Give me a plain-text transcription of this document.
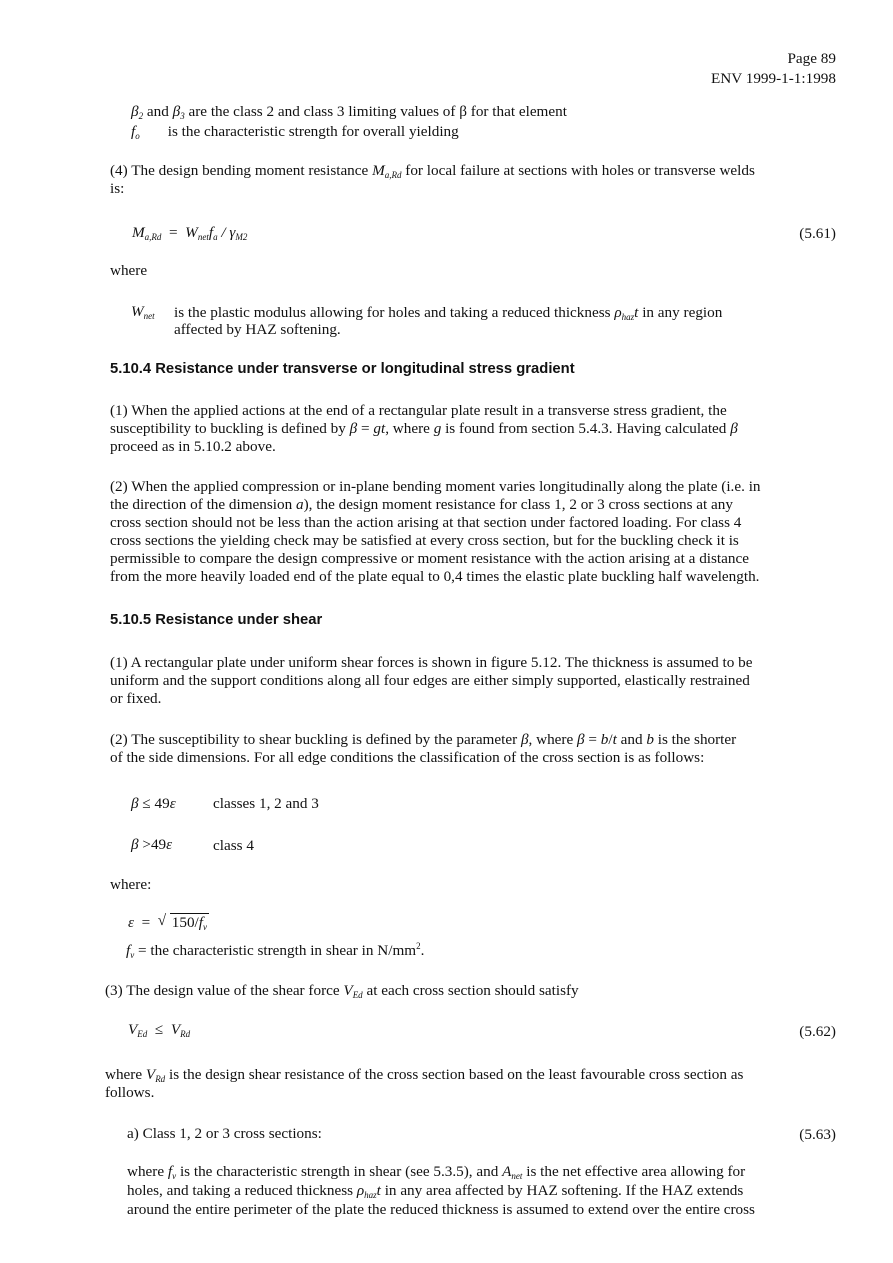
Page 89
ENV 1999-1-1:1998
$\beta_2$ and $\beta_3$ are the class 2 and class 3 limiting values of β for that element
$f_o$ is the characteristic strength for overall yielding
(4) The design bending moment resistance $M_{a,Rd}$ for local failure at sections with holes or transverse welds
is:
$M_{a,Rd} = W_{net}f_a / \gamma_{M2}$	(5.61)
where
$W_{net}$ is the plastic modulus allowing for holes and taking a reduced thickness $\rho_{haz}t$ in any region
affected by HAZ softening.
5.10.4 Resistance under transverse or longitudinal stress gradient
(1) When the applied actions at the end of a rectangular plate result in a transverse stress gradient, the
susceptibility to buckling is defined by β = gt, where g is found from section 5.4.3. Having calculated β
proceed as in 5.10.2 above.
(2) When the applied compression or in-plane bending moment varies longitudinally along the plate (i.e. in
the direction of the dimension a), the design moment resistance for class 1, 2 or 3 cross sections at any
cross section should not be less than the action arising at that section under factored loading. For class 4
cross sections the yielding check may be satisfied at every cross section, but for the buckling check it is
permissible to compare the design compressive or moment resistance with the action arising at a distance
from the more heavily loaded end of the plate equal to 0,4 times the elastic plate buckling half wavelength.
5.10.5 Resistance under shear
(1) A rectangular plate under uniform shear forces is shown in figure 5.12. The thickness is assumed to be
uniform and the support conditions along all four edges are either simply supported, elastically restrained
or fixed.
(2) The susceptibility to shear buckling is defined by the parameter β, where β = b/t and b is the shorter
of the side dimensions. For all edge conditions the classification of the cross section is as follows:
β ≤ 49ε classes 1, 2 and 3
β >49ε	class 4
where:
ε  = √ $150/f_v$
$f_v$ = the characteristic strength in shear in $N/mm^2$.
(3) The design value of the shear force $V_{Ed}$ at each cross section should satisfy
$V_{Ed} \le V_{Rd}$	(5.62)
where $V_{Rd}$ is the design shear resistance of the cross section based on the least favourable cross section as
follows.
a) Class 1, 2 or 3 cross sections:	(5.63)
where $f_v$ is the characteristic strength in shear (see 5.3.5), and $A_{net}$ is the net effective area allowing for
holes, and taking a reduced thickness $\rho_{haz}t$ in any area affected by HAZ softening. If the HAZ extends
around the entire perimeter of the plate the reduced thickness is assumed to extend over the entire cross
